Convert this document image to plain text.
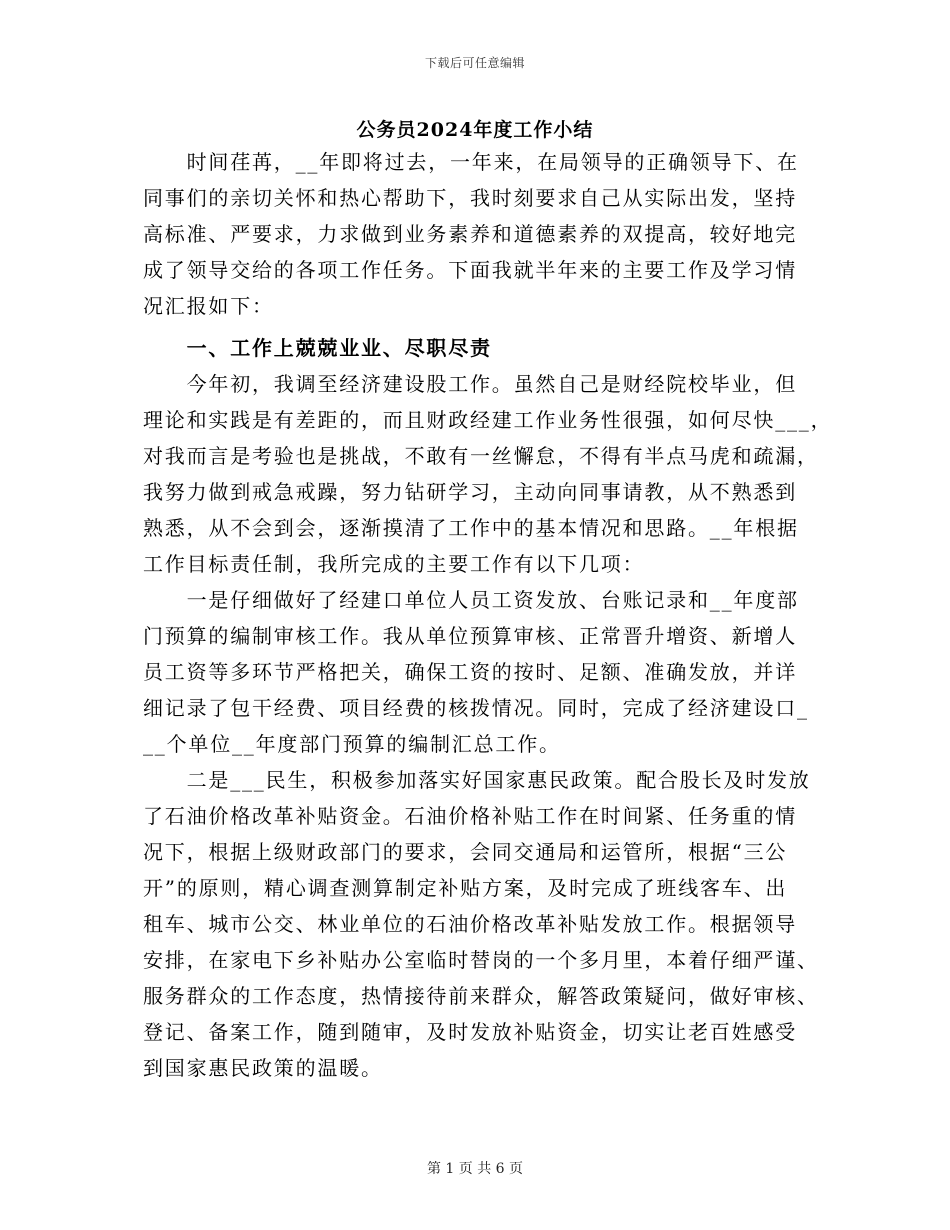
下载后可任意编辑
公务员2024年度工作小结
　　时间荏苒，__年即将过去，一年来，在局领导的正确领导下、在
同事们的亲切关怀和热心帮助下，我时刻要求自己从实际出发，坚持
高标准、严要求，力求做到业务素养和道德素养的双提高，较好地完
成了领导交给的各项工作任务。下面我就半年来的主要工作及学习情
况汇报如下：
　　一、工作上兢兢业业、尽职尽责
　　今年初，我调至经济建设股工作。虽然自己是财经院校毕业，但
理论和实践是有差距的，而且财政经建工作业务性很强，如何尽快___，
对我而言是考验也是挑战，不敢有一丝懈怠，不得有半点马虎和疏漏，
我努力做到戒急戒躁，努力钻研学习，主动向同事请教，从不熟悉到
熟悉，从不会到会，逐渐摸清了工作中的基本情况和思路。__年根据
工作目标责任制，我所完成的主要工作有以下几项：
　　一是仔细做好了经建口单位人员工资发放、台账记录和__年度部
门预算的编制审核工作。我从单位预算审核、正常晋升增资、新增人
员工资等多环节严格把关，确保工资的按时、足额、准确发放，并详
细记录了包干经费、项目经费的核拨情况。同时，完成了经济建设口_
__个单位__年度部门预算的编制汇总工作。
　　二是___民生，积极参加落实好国家惠民政策。配合股长及时发放
了石油价格改革补贴资金。石油价格补贴工作在时间紧、任务重的情
况下，根据上级财政部门的要求，会同交通局和运管所，根据“三公
开”的原则，精心调查测算制定补贴方案，及时完成了班线客车、出
租车、城市公交、林业单位的石油价格改革补贴发放工作。根据领导
安排，在家电下乡补贴办公室临时替岗的一个多月里，本着仔细严谨、
服务群众的工作态度，热情接待前来群众，解答政策疑问，做好审核、
登记、备案工作，随到随审，及时发放补贴资金，切实让老百姓感受
到国家惠民政策的温暖。
第 1 页 共 6 页
